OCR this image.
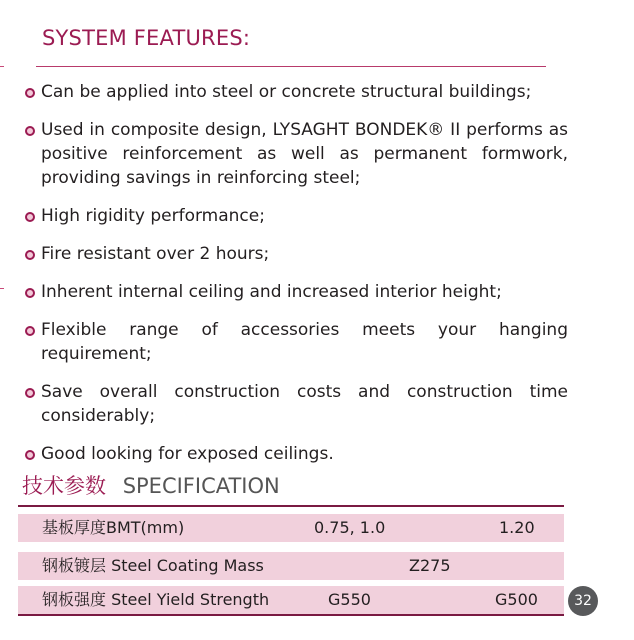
SYSTEM FEATURES:
Can be applied into steel or concrete structural buildings;
Used in composite design, LYSAGHT BONDEK® II performs as positive reinforcement as well as permanent formwork, providing savings in reinforcing steel;
High rigidity performance;
Fire resistant over 2 hours;
Inherent internal ceiling and increased interior height;
Flexible range of accessories meets your hanging requirement;
Save overall construction costs and construction time considerably;
Good looking for exposed ceilings.
技术参数 SPECIFICATION
基板厚度BMT(mm)	0.75, 1.0	1.20
钢板镀层 Steel Coating Mass	Z275
钢板强度 Steel Yield Strength	G550	G500	32
